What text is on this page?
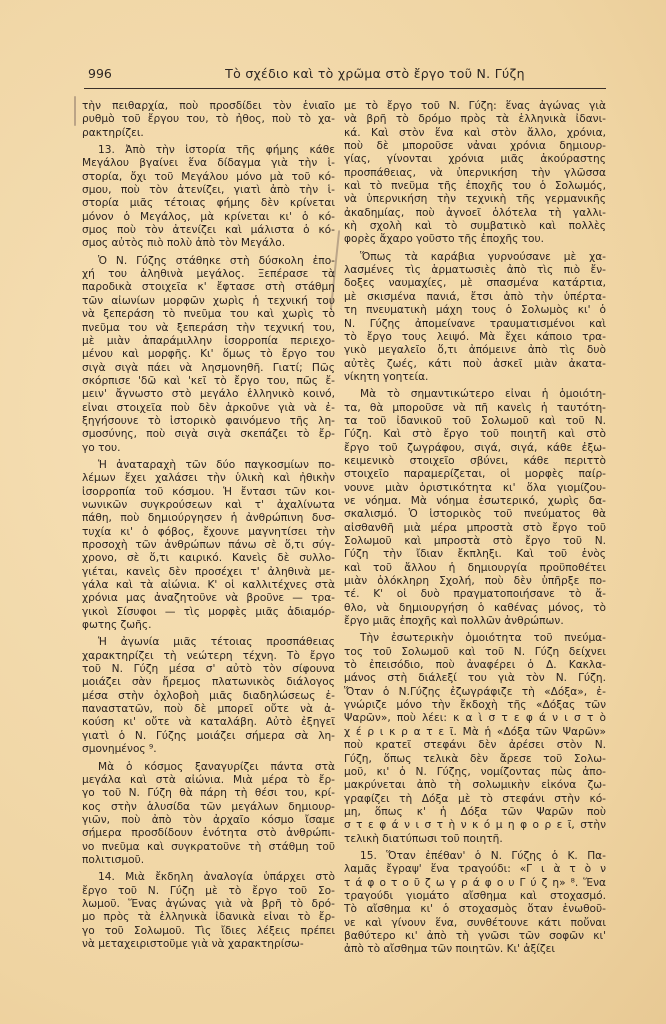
996	Τὸ σχέδιο καὶ τὸ χρῶμα στὸ ἔργο τοῦ Ν. Γύζη
τὴν πειθαρχία, ποὺ προσδίδει τὸν ἑνιαῖο
ρυθμὸ τοῦ ἔργου του, τὸ ἦθος, ποὺ τὸ χα-
ρακτηρίζει.
13. Ἀπὸ τὴν ἱστορία τῆς φήμης κάθε
Μεγάλου βγαίνει ἕνα δίδαγμα γιὰ τὴν ἱ-
στορία, ὄχι τοῦ Μεγάλου μόνο μὰ τοῦ κό-
σμου, ποὺ τὸν ἀτενίζει, γιατὶ ἀπὸ τὴν ἱ-
στορία μιᾶς τέτοιας φήμης δὲν κρίνεται
μόνον ὁ Μεγάλος, μὰ κρίνεται κι' ὁ κό-
σμος ποὺ τὸν ἀτενίζει καὶ μάλιστα ὁ κό-
σμος αὐτὸς πιὸ πολὺ ἀπὸ τὸν Μεγάλο.
Ὁ Ν. Γύζης στάθηκε στὴ δύσκολη ἐπο-
χή του ἀληθινὰ μεγάλος. Ξεπέρασε τὰ
παροδικὰ στοιχεῖα κ' ἔφτασε στὴ στάθμη
τῶν αἰωνίων μορφῶν χωρὶς ἡ τεχνική του
νὰ ξεπεράση τὸ πνεῦμα του καὶ χωρὶς τὸ
πνεῦμα του νὰ ξεπεράση τὴν τεχνική του,
μὲ μιὰν ἀπαράμιλλην ἰσορροπία περιεχο-
μένου καὶ μορφῆς. Κι' ὅμως τὸ ἔργο του
σιγὰ σιγὰ πάει νὰ λησμονηθῆ. Γιατί; Πῶς
σκόρπισε 'δῶ καὶ 'κεῖ τὸ ἔργο του, πῶς ἔ-
μειν' ἄγνωστο στὸ μεγάλο ἑλληνικὸ κοινό,
εἶναι στοιχεῖα ποὺ δὲν ἀρκοῦνε γιὰ νὰ ἐ-
ξηγήσουνε τὸ ἱστορικὸ φαινόμενο τῆς λη-
σμοσύνης, ποὺ σιγὰ σιγὰ σκεπάζει τὸ ἔρ-
γο του.
Ἡ ἀναταραχὴ τῶν δύο παγκοσμίων πο-
λέμων ἔχει χαλάσει τὴν ὑλικὴ καὶ ἠθικὴν
ἰσορροπία τοῦ κόσμου. Ἡ ἔντασι τῶν κοι-
νωνικῶν συγκρούσεων καὶ τ' ἀχαλίνωτα
πάθη, ποὺ δημιούργησεν ἡ ἀνθρώπινη δυσ-
τυχία κι' ὁ φόβος, ἔχουνε μαγνητίσει τὴν
προσοχὴ τῶν ἀνθρώπων πάνω σὲ ὅ,τι σύγ-
χρονο, σὲ ὅ,τι καιρικό. Κανεὶς δὲ συλλο-
γιέται, κανεὶς δὲν προσέχει τ' ἀληθινὰ με-
γάλα καὶ τὰ αἰώνια. Κ' οἱ καλλιτέχνες στὰ
χρόνια μας ἀναζητοῦνε νὰ βροῦνε — τρα-
γικοὶ Σίσυφοι — τὶς μορφὲς μιᾶς ἀδιαμόρ-
φωτης ζωῆς.
Ἡ ἀγωνία μιᾶς τέτοιας προσπάθειας
χαρακτηρίζει τὴ νεώτερη τέχνη. Τὸ ἔργο
τοῦ Ν. Γύζη μέσα σ' αὐτὸ τὸν σίφουνα
μοιάζει σὰν ἤρεμος πλατωνικὸς διάλογος
μέσα στὴν ὀχλοβοὴ μιᾶς διαδηλώσεως ἐ-
παναστατῶν, ποὺ δὲ μπορεῖ οὔτε νὰ ἀ-
κούση κι' οὔτε νὰ καταλάβη. Αὐτὸ ἐξηγεῖ
γιατὶ ὁ Ν. Γύζης μοιάζει σήμερα σὰ λη-
σμονημένος ⁹.
Μὰ ὁ κόσμος ξαναγυρίζει πάντα στὰ
μεγάλα καὶ στὰ αἰώνια. Μιὰ μέρα τὸ ἔρ-
γο τοῦ Ν. Γύζη θὰ πάρη τὴ θέσι του, κρί-
κος στὴν ἁλυσίδα τῶν μεγάλων δημιουρ-
γιῶν, ποὺ ἀπὸ τὸν ἀρχαῖο κόσμο ἴσαμε
σήμερα προσδίδουν ἑνότητα στὸ ἀνθρώπι-
νο πνεῦμα καὶ συγκρατοῦνε τὴ στάθμη τοῦ
πολιτισμοῦ.
14. Μιὰ ἔκδηλη ἀναλογία ὑπάρχει στὸ
ἔργο τοῦ Ν. Γύζη μὲ τὸ ἔργο τοῦ Σο-
λωμοῦ. Ἕνας ἀγώνας γιὰ νὰ βρῆ τὸ δρό-
μο πρὸς τὰ ἑλληνικὰ ἰδανικὰ εἶναι τὸ ἔρ-
γο τοῦ Σολωμοῦ. Τὶς ἴδιες λέξεις πρέπει
νὰ μεταχειριστοῦμε γιὰ νὰ χαρακτηρίσω-
με τὸ ἔργο τοῦ Ν. Γύζη: ἕνας ἀγώνας γιὰ
νὰ βρῆ τὸ δρόμο πρὸς τὰ ἑλληνικὰ ἰδανι-
κά. Καὶ στὸν ἕνα καὶ στὸν ἄλλο, χρόνια,
ποὺ δὲ μποροῦσε νἆναι χρόνια δημιουρ-
γίας, γίνονται χρόνια μιᾶς ἀκούραστης
προσπάθειας, νὰ ὑπερνικήση τὴν γλῶσσα
καὶ τὸ πνεῦμα τῆς ἐποχῆς του ὁ Σολωμός,
νὰ ὑπερνικήση τὴν τεχνικὴ τῆς γερμανικῆς
ἀκαδημίας, ποὺ ἀγνοεῖ ὁλότελα τὴ γαλλι-
κὴ σχολὴ καὶ τὸ συμβατικὸ καὶ πολλὲς
φορὲς ἄχαρο γοῦστο τῆς ἐποχῆς του.
Ὅπως τὰ καράβια γυρνούσανε μὲ χα-
λασμένες τὶς ἁρματωσιὲς ἀπὸ τὶς πιὸ ἔν-
δοξες ναυμαχίες, μὲ σπασμένα κατάρτια,
μὲ σκισμένα πανιά, ἔτσι ἀπὸ τὴν ὑπέρτα-
τη πνευματικὴ μάχη τους ὁ Σολωμὸς κι' ὁ
Ν. Γύζης ἀπομείνανε τραυματισμένοι καὶ
τὸ ἔργο τους λειψό. Μὰ ἔχει κάποιο τρα-
γικὸ μεγαλεῖο ὅ,τι ἀπόμεινε ἀπὸ τὶς δυὸ
αὐτὲς ζωές, κάτι ποὺ ἀσκεῖ μιὰν ἀκατα-
νίκητη γοητεία.
Μὰ τὸ σημαντικώτερο εἶναι ἡ ὁμοιότη-
τα, θὰ μποροῦσε νὰ πῆ κανεὶς ἡ ταυτότη-
τα τοῦ ἰδανικοῦ τοῦ Σολωμοῦ καὶ τοῦ Ν.
Γύζη. Καὶ στὸ ἔργο τοῦ ποιητῆ καὶ στὸ
ἔργο τοῦ ζωγράφου, σιγά, σιγά, κάθε ἐξω-
κειμενικὸ στοιχεῖο σβύνει, κάθε περιττὸ
στοιχεῖο παραμερίζεται, οἱ μορφὲς παίρ-
νουνε μιὰν ὁριστικότητα κι' ὅλα γιομίζου-
νε νόημα. Μὰ νόημα ἐσωτερικό, χωρὶς δα-
σκαλισμό. Ὁ ἱστορικὸς τοῦ πνεύματος θὰ
αἰσθανθῆ μιὰ μέρα μπροστὰ στὸ ἔργο τοῦ
Σολωμοῦ καὶ μπροστὰ στὸ ἔργο τοῦ Ν.
Γύζη τὴν ἴδιαν ἔκπληξι. Καὶ τοῦ ἑνὸς
καὶ τοῦ ἄλλου ἡ δημιουργία προϋποθέτει
μιὰν ὁλόκληρη Σχολή, ποὺ δὲν ὑπῆρξε πο-
τέ. Κ' οἱ δυὸ πραγματοποιήσανε τὸ ἄ-
θλο, νὰ δημιουργήση ὁ καθένας μόνος, τὸ
ἔργο μιᾶς ἐποχῆς καὶ πολλῶν ἀνθρώπων.
Τὴν ἐσωτερικὴν ὁμοιότητα τοῦ πνεύμα-
τος τοῦ Σολωμοῦ καὶ τοῦ Ν. Γύζη δείχνει
τὸ ἐπεισόδιο, ποὺ ἀναφέρει ὁ Δ. Κακλα-
μάνος στὴ διάλεξί του γιὰ τὸν Ν. Γύζη.
Ὅταν ὁ Ν.Γύζης ἐζωγράφιζε τὴ «Δόξα», ἐ-
γνώριζε μόνο τὴν ἔκδοχὴ τῆς «Δόξας τῶν
Ψαρῶν», ποὺ λέει: κ α ὶ σ τ ε φ ά ν ι σ τ ὸ
χ έ ρ ι κ ρ α τ ε ῖ. Μὰ ἡ «Δόξα τῶν Ψαρῶν»
ποὺ κρατεῖ στεφάνι δὲν ἀρέσει στὸν Ν.
Γύζη, ὅπως τελικὰ δὲν ἄρεσε τοῦ Σολω-
μοῦ, κι' ὁ Ν. Γύζης, νομίζοντας πὼς ἀπο-
μακρύνεται ἀπὸ τὴ σολωμικὴν εἰκόνα ζω-
γραφίζει τὴ Δόξα μὲ τὸ στεφάνι στὴν κό-
μη, ὅπως κ' ἡ Δόξα τῶν Ψαρῶν ποὺ
σ τ ε φ ά ν ι σ τ ὴ ν κ ό μ η φ ο ρ ε ῖ, στὴν
τελικὴ διατύπωσι τοῦ ποιητῆ.
15. Ὅταν ἐπέθαν' ὁ Ν. Γύζης ὁ Κ. Πα-
λαμᾶς ἔγραψ' ἕνα τραγούδι: «Γ ι ὰ τ ὸ ν
τ ά φ ο τ ο ῦ ζ ω γ ρ ά φ ο υ Γ ύ ζ η» ⁸. Ἕνα
τραγούδι γιομάτο αἴσθημα καὶ στοχασμό.
Τὸ αἴσθημα κι' ὁ στοχασμὸς ὅταν ἑνωθοῦ-
νε καὶ γίνουν ἕνα, συνθέτουνε κάτι ποὔναι
βαθύτερο κι' ἀπὸ τὴ γνῶσι τῶν σοφῶν κι'
ἀπὸ τὸ αἴσθημα τῶν ποιητῶν. Κι' ἀξίζει
